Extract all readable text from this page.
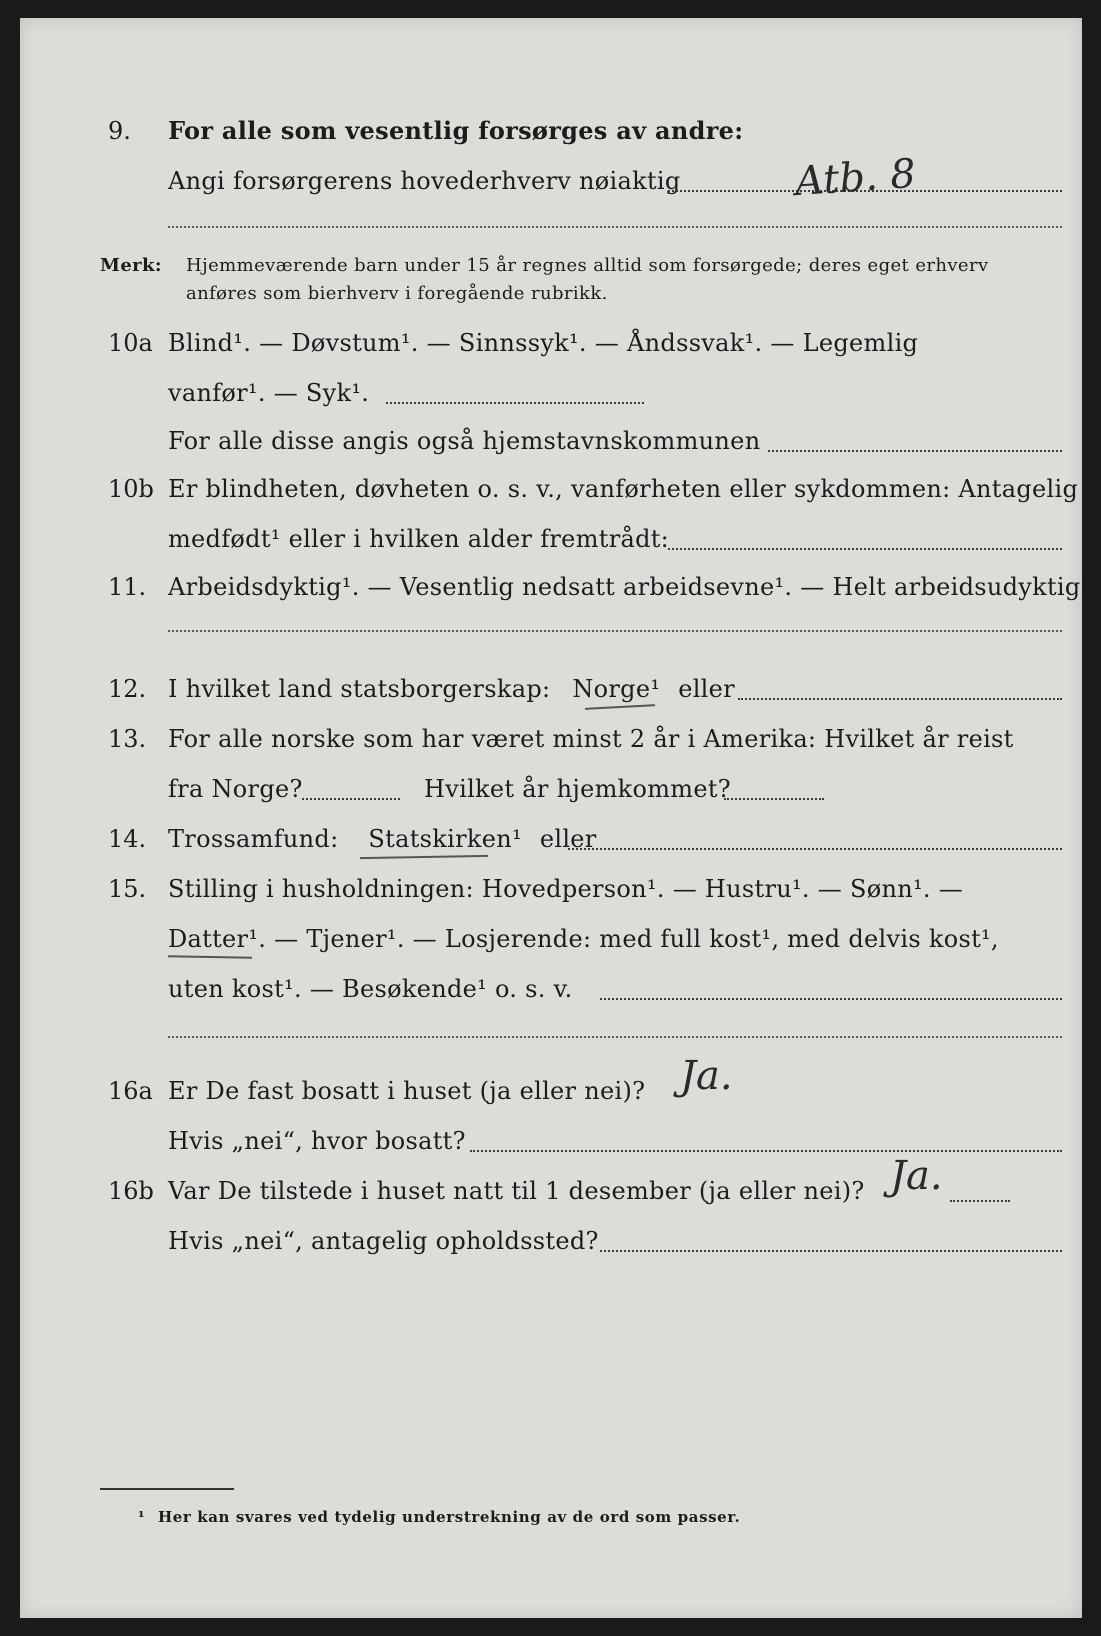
9. For alle som vesentlig forsørges av andre:
Angi forsørgerens hovederhverv nøiaktig	Atb. 8
Merk: Hjemmeværende barn under 15 år regnes alltid som forsørgede; deres eget erhverv
anføres som bierhverv i foregående rubrikk.
10a Blind¹. — Døvstum¹. — Sinnssyk¹. — Åndssvak¹. — Legemlig
vanfør¹. — Syk¹.
For alle disse angis også hjemstavnskommunen
10b Er blindheten, døvheten o. s. v., vanførheten eller sykdommen: Antagelig
medfødt¹ eller i hvilken alder fremtrådt:
11. Arbeidsdyktig¹. — Vesentlig nedsatt arbeidsevne¹. — Helt arbeidsudyktig¹.
12. I hvilket land statsborgerskap: Norge¹ eller
13. For alle norske som har været minst 2 år i Amerika: Hvilket år reist
fra Norge?	Hvilket år hjemkommet?
14. Trossamfund: Statskirken¹ eller
15. Stilling i husholdningen: Hovedperson¹. — Hustru¹. — Sønn¹. —
Datter¹. — Tjener¹. — Losjerende: med full kost¹, med delvis kost¹,
uten kost¹. — Besøkende¹ o. s. v.
16a Er De fast bosatt i huset (ja eller nei)? Ja.
Hvis „nei“, hvor bosatt?
16b Var De tilstede i huset natt til 1 desember (ja eller nei)? Ja.
Hvis „nei“, antagelig opholdssted?
¹ Her kan svares ved tydelig understrekning av de ord som passer.
